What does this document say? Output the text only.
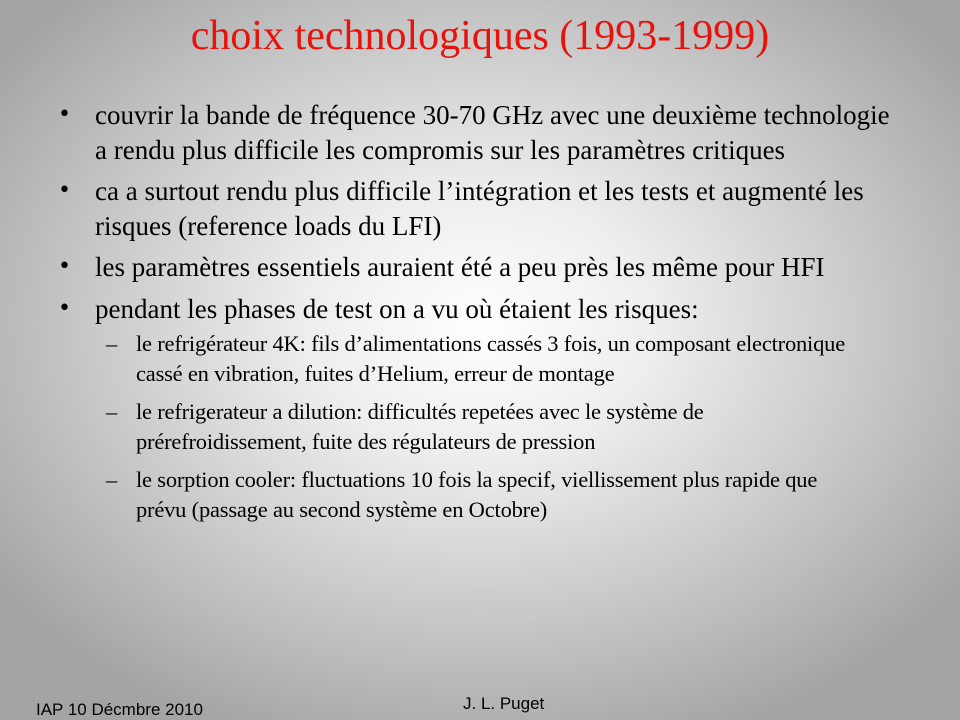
choix technologiques (1993-1999)
• couvrir la bande de fréquence 30-70 GHz avec une deuxième technologie a rendu plus difficile les compromis sur les paramètres critiques
• ca a surtout rendu plus difficile l’intégration et les tests et augmenté les risques (reference loads du LFI)
• les paramètres essentiels auraient été a peu près les même pour HFI
• pendant les phases de test on a vu où étaient les risques:
– le refrigérateur 4K: fils d’alimentations cassés 3 fois, un composant electronique cassé en vibration, fuites d’Helium, erreur de montage
– le refrigerateur a dilution: difficultés repetées avec le système de prérefroidissement, fuite des régulateurs de pression
– le sorption cooler: fluctuations 10 fois la specif, viellissement plus rapide que prévu (passage au second système en Octobre)
IAP 10 Décmbre 2010	J. L. Puget
